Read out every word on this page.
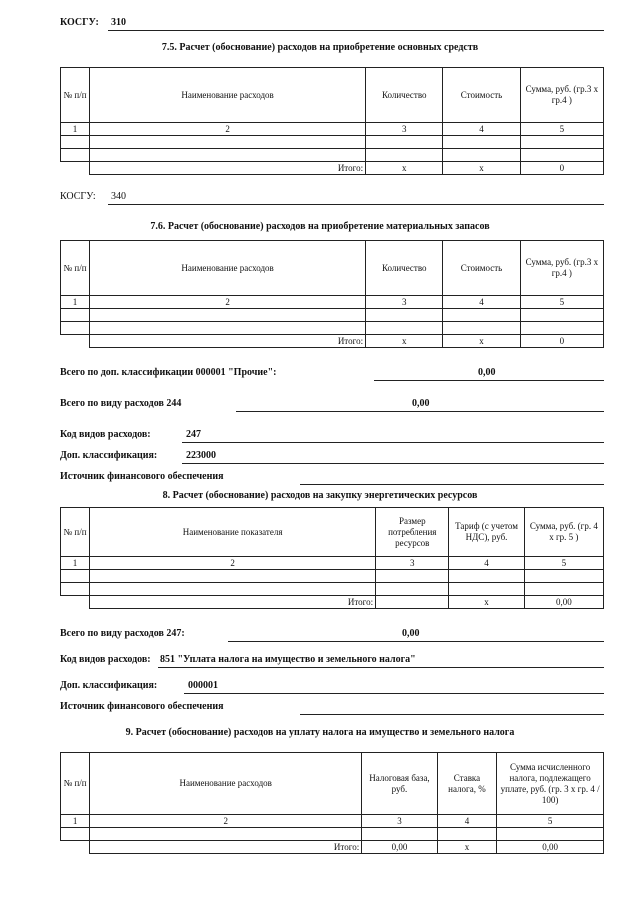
КОСГУ: 310
7.5. Расчет (обоснование) расходов на приобретение основных средств
№ п/п	Наименование расходов	Количество	Стоимость	Сумма, руб. (гр.3 х гр.4 )
1	2	3	4	5

	Итого:	x	x	0
КОСГУ: 340
7.6. Расчет (обоснование) расходов на приобретение материальных запасов
№ п/п	Наименование расходов	Количество	Стоимость	Сумма, руб. (гр.3 х гр.4 )
1	2	3	4	5

	Итого:	x	x	0
Всего по доп. классификации 000001 "Прочие":	0,00
Всего по виду расходов 244	0,00
Код видов расходов:	247
Доп. классификация:	223000
Источник финансового обеспечения
8. Расчет (обоснование) расходов на закупку энергетических ресурсов
№ п/п	Наименование показателя	Размер потребления ресурсов	Тариф (с учетом НДС), руб.	Сумма, руб. (гр. 4 х гр. 5 )
1	2	3	4	5

	Итого:		x	0,00
Всего по виду расходов 247:	0,00
Код видов расходов: 851 "Уплата налога на имущество и земельного налога"
Доп. классификация:	000001
Источник финансового обеспечения
9. Расчет (обоснование) расходов на уплату налога на имущество и земельного налога
№ п/п	Наименование расходов	Налоговая база, руб.	Ставка налога, %	Сумма исчисленного налога, подлежащего уплате, руб. (гр. 3 х гр. 4 / 100)
1	2	3	4	5

	Итого:	0,00	x	0,00
